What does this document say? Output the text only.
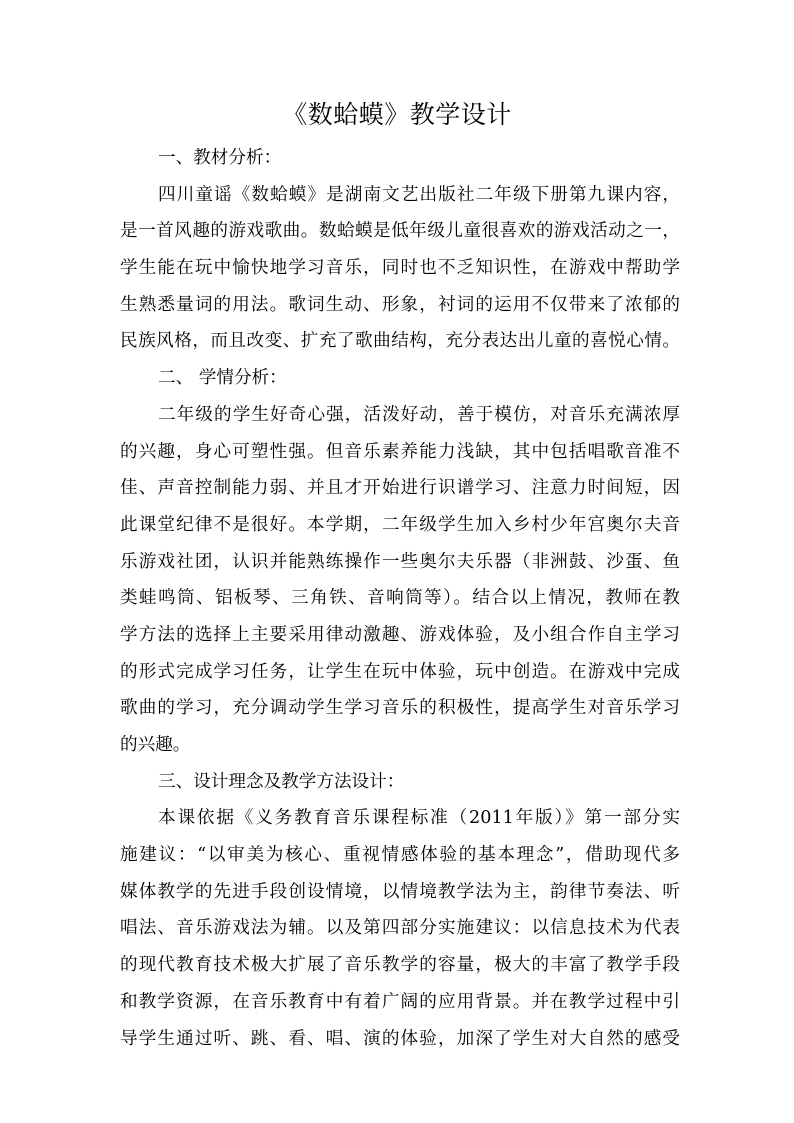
《数蛤蟆》教学设计
一、教材分析：
四川童谣《数蛤蟆》是湖南文艺出版社二年级下册第九课内容，
是一首风趣的游戏歌曲。数蛤蟆是低年级儿童很喜欢的游戏活动之一，
学生能在玩中愉快地学习音乐，同时也不乏知识性，在游戏中帮助学
生熟悉量词的用法。歌词生动、形象，衬词的运用不仅带来了浓郁的
民族风格，而且改变、扩充了歌曲结构，充分表达出儿童的喜悦心情。
二、 学情分析：
二年级的学生好奇心强，活泼好动，善于模仿，对音乐充满浓厚
的兴趣，身心可塑性强。但音乐素养能力浅缺，其中包括唱歌音准不
佳、声音控制能力弱、并且才开始进行识谱学习、注意力时间短，因
此课堂纪律不是很好。本学期，二年级学生加入乡村少年宫奥尔夫音
乐游戏社团，认识并能熟练操作一些奥尔夫乐器（非洲鼓、沙蛋、鱼
类蛙鸣筒、铝板琴、三角铁、音响筒等）。结合以上情况，教师在教
学方法的选择上主要采用律动激趣、游戏体验，及小组合作自主学习
的形式完成学习任务，让学生在玩中体验，玩中创造。在游戏中完成
歌曲的学习，充分调动学生学习音乐的积极性，提高学生对音乐学习
的兴趣。
三、设计理念及教学方法设计：
本课依据《义务教育音乐课程标准（2011年版）》第一部分实
施建议：“以审美为核心、重视情感体验的基本理念”，借助现代多
媒体教学的先进手段创设情境，以情境教学法为主，韵律节奏法、听
唱法、音乐游戏法为辅。以及第四部分实施建议：以信息技术为代表
的现代教育技术极大扩展了音乐教学的容量，极大的丰富了教学手段
和教学资源，在音乐教育中有着广阔的应用背景。并在教学过程中引
导学生通过听、跳、看、唱、演的体验，加深了学生对大自然的感受
